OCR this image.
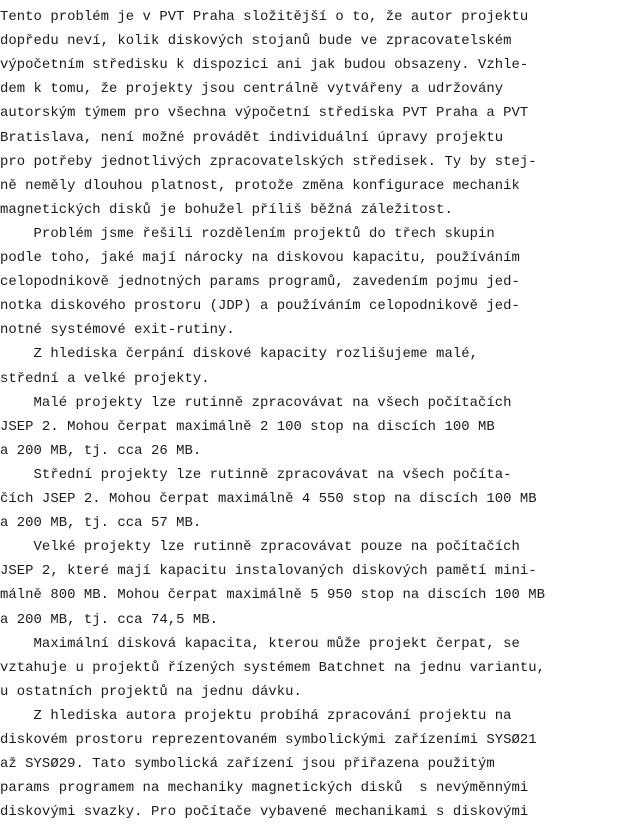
Tento problém je v PVT Praha složitější o to, že autor projektu
dopředu neví, kolik diskových stojanů bude ve zpracovatelském
výpočetním středisku k dispozici ani jak budou obsazeny. Vzhle-
dem k tomu, že projekty jsou centrálně vytvářeny a udržovány
autorským týmem pro všechna výpočetní střediska PVT Praha a PVT
Bratislava, není možné provádět individuální úpravy projektu
pro potřeby jednotlivých zpracovatelských středisek. Ty by stej-
ně neměly dlouhou platnost, protože změna konfigurace mechanik
magnetických disků je bohužel příliš běžná záležitost.
Problém jsme řešili rozdělením projektů do třech skupin
podle toho, jaké mají nárocky na diskovou kapacitu, používáním
celopodnikově jednotných params programů, zavedením pojmu jed-
notka diskového prostoru (JDP) a používáním celopodnikově jed-
notné systémové exit-rutiny.
Z hlediska čerpání diskové kapacity rozlišujeme malé,
střední a velké projekty.
Malé projekty lze rutinně zpracovávat na všech počítačích
JSEP 2. Mohou čerpat maximálně 2 100 stop na discích 100 MB
a 200 MB, tj. cca 26 MB.
Střední projekty lze rutinně zpracovávat na všech počíta-
čích JSEP 2. Mohou čerpat maximálně 4 550 stop na discích 100 MB
a 200 MB, tj. cca 57 MB.
Velké projekty lze rutinně zpracovávat pouze na počítačích
JSEP 2, které mají kapacitu instalovaných diskových pamětí mini-
málně 800 MB. Mohou čerpat maximálně 5 950 stop na discích 100 MB
a 200 MB, tj. cca 74,5 MB.
Maximální disková kapacita, kterou může projekt čerpat, se
vztahuje u projektů řízených systémem Batchnet na jednu variantu,
u ostatních projektů na jednu dávku.
Z hlediska autora projektu probíhá zpracování projektu na
diskovém prostoru reprezentovaném symbolickými zařízeními SYSØ21
až SYSØ29. Tato symbolická zařízení jsou přiřazena použitým
params programem na mechaniky magnetických disků  s nevýměnnými
diskovými svazky. Pro počítače vybavené mechanikami s diskovými
